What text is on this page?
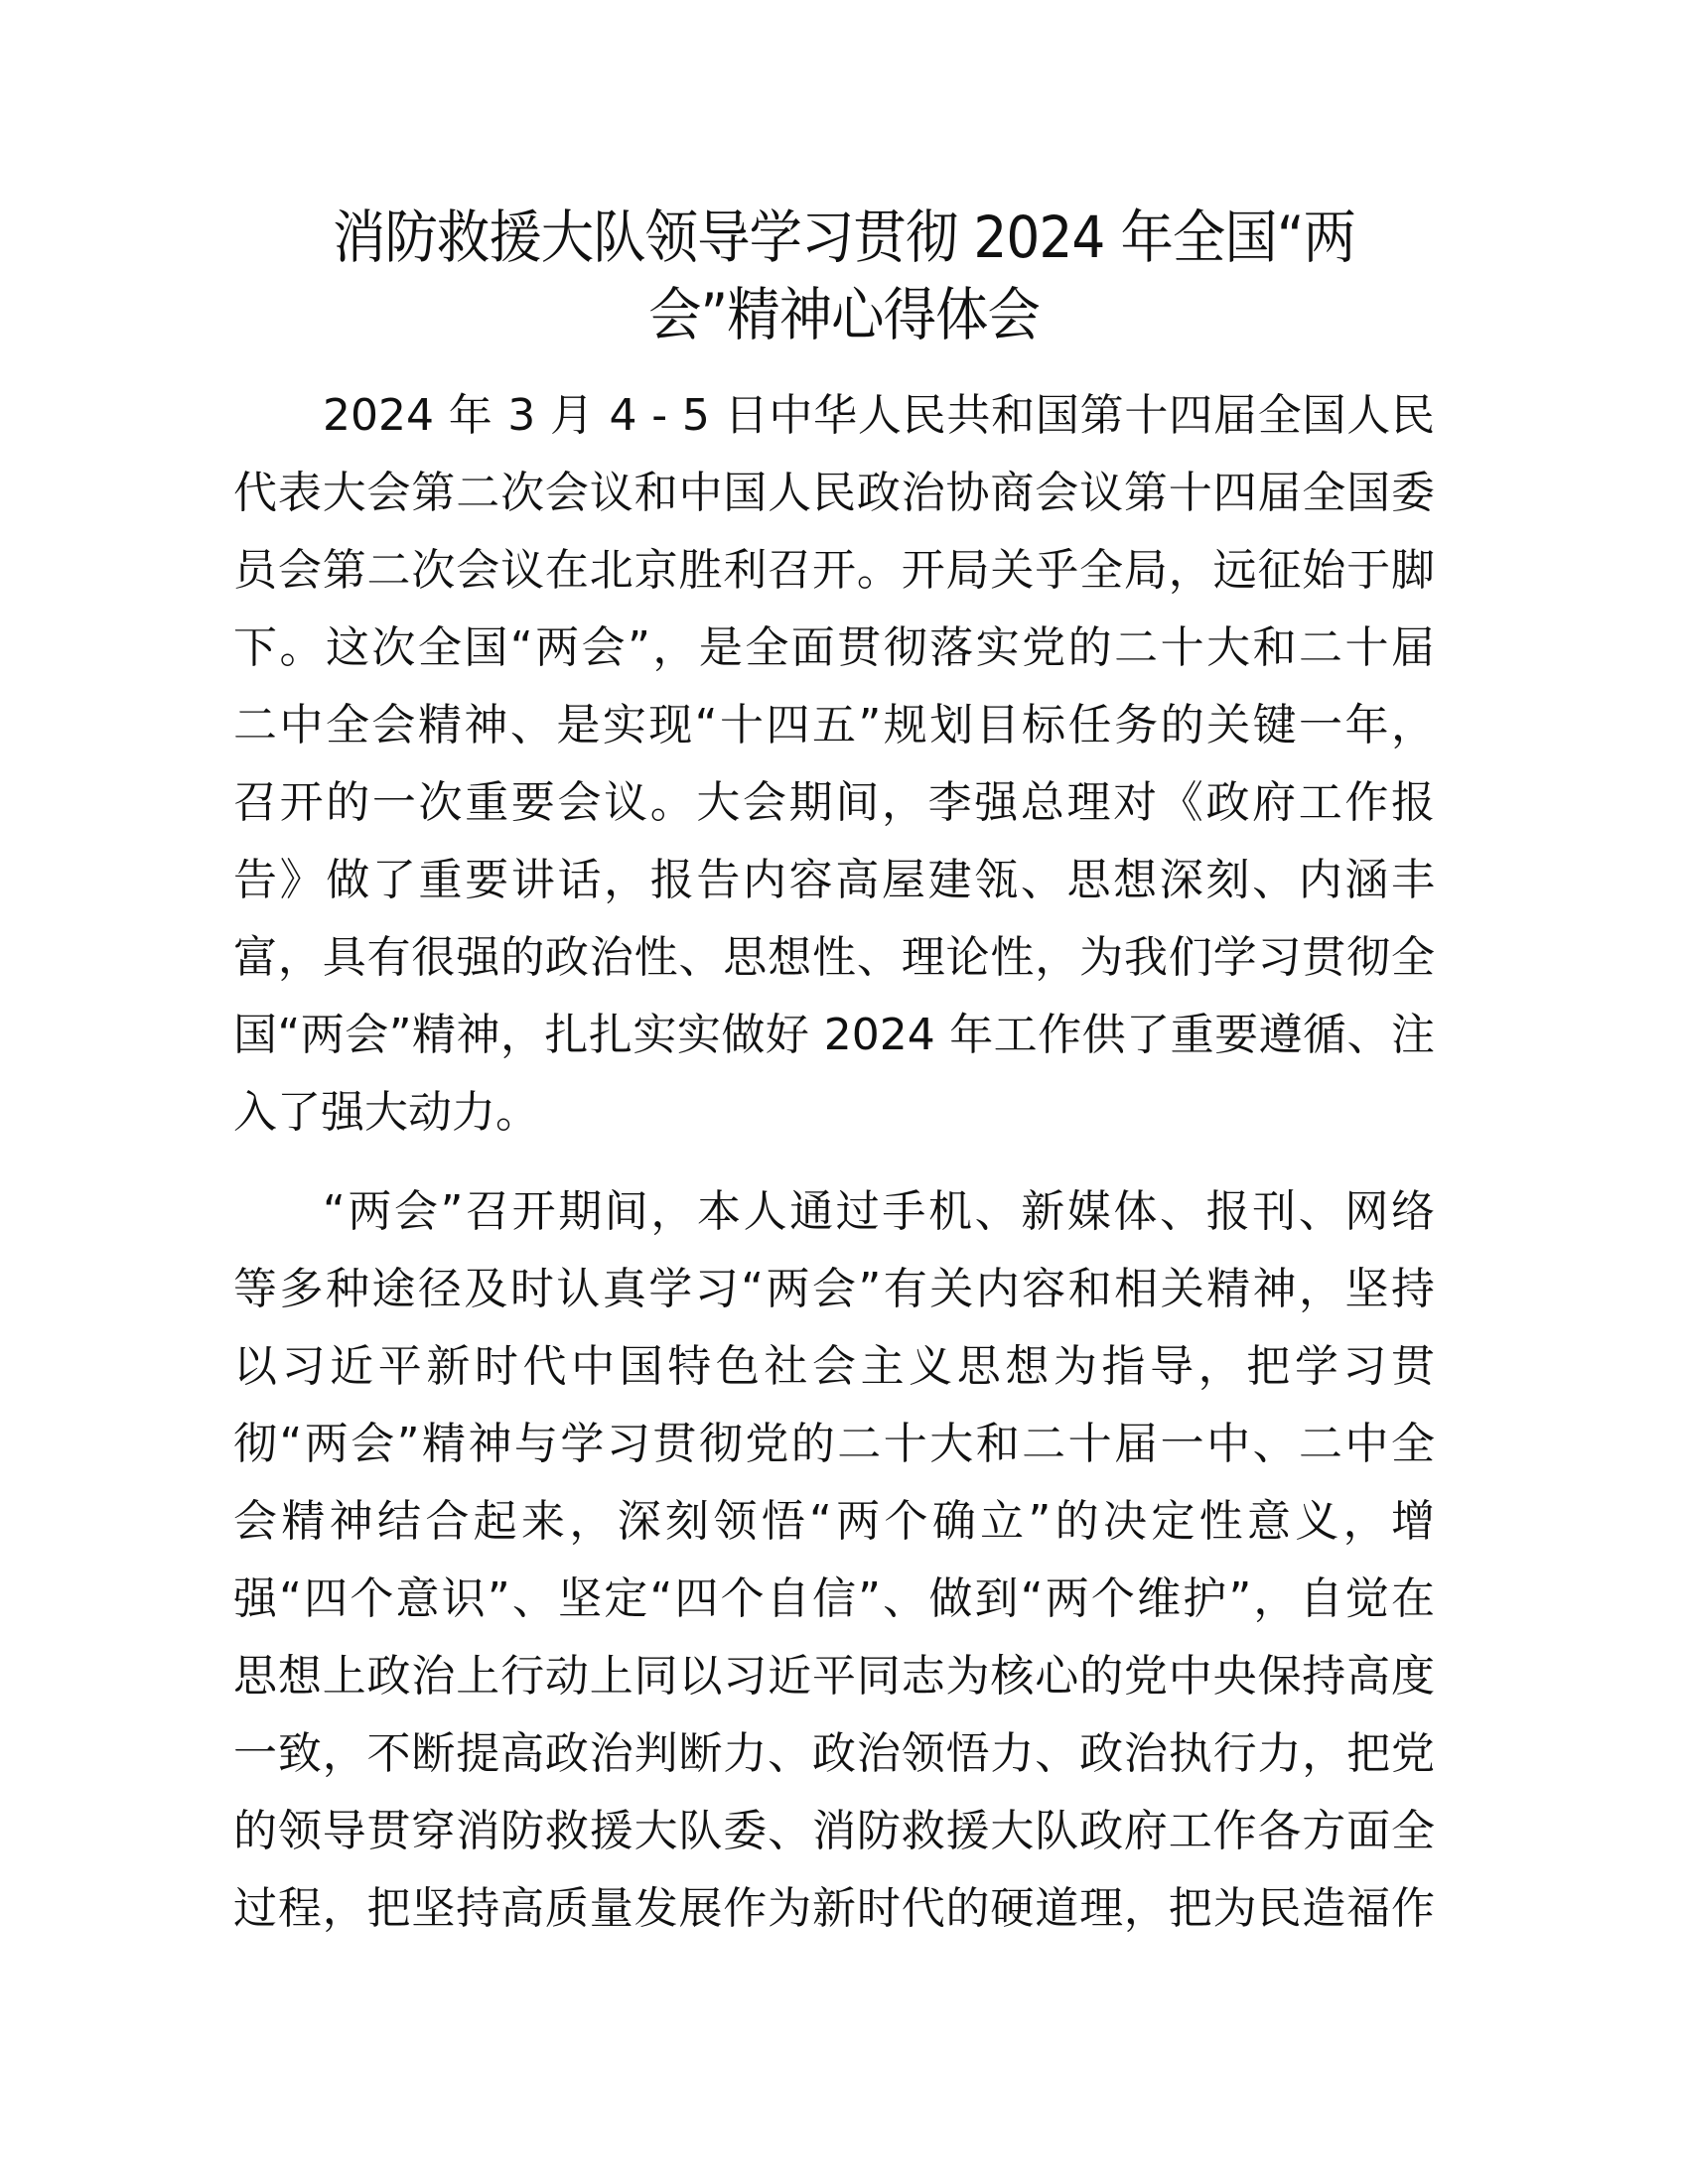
消防救援大队领导学习贯彻 2024 年全国“两
会”精神心得体会

2024 年 3 月 4 - 5 日中华人民共和国第十四届全国人民
代表大会第二次会议和中国人民政治协商会议第十四届全国委
员会第二次会议在北京胜利召开。开局关乎全局，远征始于脚
下。这次全国“两会”，是全面贯彻落实党的二十大和二十届
二中全会精神、是实现“十四五”规划目标任务的关键一年，
召开的一次重要会议。大会期间，李强总理对《政府工作报
告》做了重要讲话，报告内容高屋建瓴、思想深刻、内涵丰
富，具有很强的政治性、思想性、理论性，为我们学习贯彻全
国“两会”精神，扎扎实实做好 2024 年工作供了重要遵循、注
入了强大动力。

“两会”召开期间，本人通过手机、新媒体、报刊、网络
等多种途径及时认真学习“两会”有关内容和相关精神，坚持
以习近平新时代中国特色社会主义思想为指导，把学习贯
彻“两会”精神与学习贯彻党的二十大和二十届一中、二中全
会精神结合起来，深刻领悟“两个确立”的决定性意义，增
强“四个意识”、坚定“四个自信”、做到“两个维护”，自觉在
思想上政治上行动上同以习近平同志为核心的党中央保持高度
一致，不断提高政治判断力、政治领悟力、政治执行力，把党
的领导贯穿消防救援大队委、消防救援大队政府工作各方面全
过程，把坚持高质量发展作为新时代的硬道理，把为民造福作
